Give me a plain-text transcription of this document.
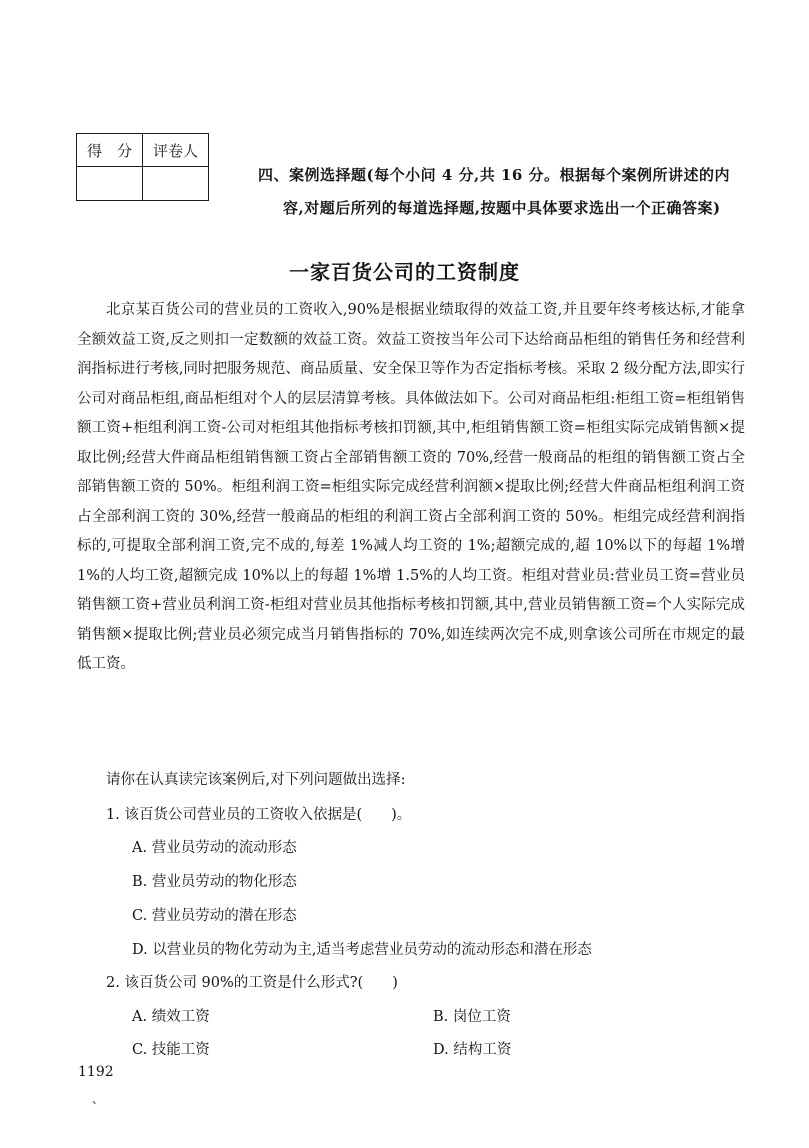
得　分	评卷人

四、案例选择题(每个小问 4 分,共 16 分。根据每个案例所讲述的内
容,对题后所列的每道选择题,按题中具体要求选出一个正确答案)
一家百货公司的工资制度

北京某百货公司的营业员的工资收入,90%是根据业绩取得的效益工资,并且要年终考核达标,才能拿全额效益工资,反之则扣一定数额的效益工资。效益工资按当年公司下达给商品柜组的销售任务和经营利润指标进行考核,同时把服务规范、商品质量、安全保卫等作为否定指标考核。采取 2 级分配方法,即实行公司对商品柜组,商品柜组对个人的层层清算考核。具体做法如下。公司对商品柜组:柜组工资=柜组销售额工资+柜组利润工资-公司对柜组其他指标考核扣罚额,其中,柜组销售额工资=柜组实际完成销售额×提取比例;经营大件商品柜组销售额工资占全部销售额工资的 70%,经营一般商品的柜组的销售额工资占全部销售额工资的 50%。柜组利润工资=柜组实际完成经营利润额×提取比例;经营大件商品柜组利润工资占全部利润工资的 30%,经营一般商品的柜组的利润工资占全部利润工资的 50%。柜组完成经营利润指标的,可提取全部利润工资,完不成的,每差 1%减人均工资的 1%;超额完成的,超 10%以下的每超 1%增 1%的人均工资,超额完成 10%以上的每超 1%增 1.5%的人均工资。柜组对营业员:营业员工资=营业员销售额工资+营业员利润工资-柜组对营业员其他指标考核扣罚额,其中,营业员销售额工资=个人实际完成销售额×提取比例;营业员必须完成当月销售指标的 70%,如连续两次完不成,则拿该公司所在市规定的最低工资。

请你在认真读完该案例后,对下列问题做出选择:
1. 该百货公司营业员的工资收入依据是(　　)。
A. 营业员劳动的流动形态
B. 营业员劳动的物化形态
C. 营业员劳动的潜在形态
D. 以营业员的物化劳动为主,适当考虑营业员劳动的流动形态和潜在形态
2. 该百货公司 90%的工资是什么形式?(　　)
A. 绩效工资	B. 岗位工资
C. 技能工资	D. 结构工资
1192
、
